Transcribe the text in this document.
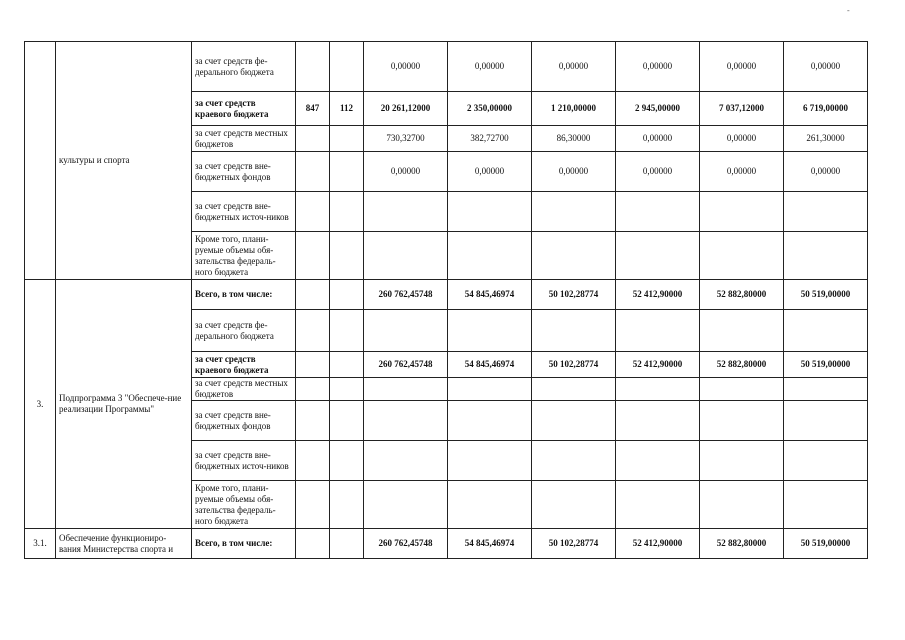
-
	культуры и спорта	за счет средств фе-дерального бюджета			0,00000	0,00000	0,00000	0,00000	0,00000	0,00000
		за счет средств краевого бюджета	847	112	20 261,12000	2 350,00000	1 210,00000	2 945,00000	7 037,12000	6 719,00000
		за счет средств местных бюджетов			730,32700	382,72700	86,30000	0,00000	0,00000	261,30000
		за счет средств вне-бюджетных фондов			0,00000	0,00000	0,00000	0,00000	0,00000	0,00000
		за счет средств вне-бюджетных источ-ников								
		Кроме того, плани-руемые объемы обя-зательства федераль-ного бюджета								
3.	Подпрограмма 3 "Обеспече-ние реализации Программы"	Всего, в том числе:			260 762,45748	54 845,46974	50 102,28774	52 412,90000	52 882,80000	50 519,00000
		за счет средств фе-дерального бюджета								
		за счет средств краевого бюджета			260 762,45748	54 845,46974	50 102,28774	52 412,90000	52 882,80000	50 519,00000
		за счет средств местных бюджетов								
		за счет средств вне-бюджетных фондов								
		за счет средств вне-бюджетных источ-ников								
		Кроме того, плани-руемые объемы обя-зательства федераль-ного бюджета								
3.1.	Обеспечение функциониро-вания Министерства спорта и	Всего, в том числе:			260 762,45748	54 845,46974	50 102,28774	52 412,90000	52 882,80000	50 519,00000
